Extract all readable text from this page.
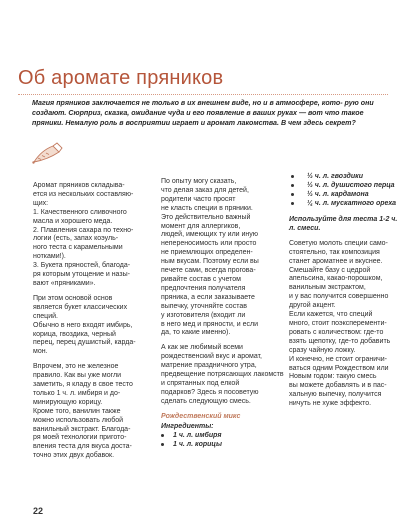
Об аромате пряников
Магия пряников заключается не только в их внешнем виде, но и в атмосфере, кото- рую они создают. Сюрприз, сказка, ожидание чуда и его появление в ваших руках — вот что такое пряники. Немалую роль в восприятии играет и аромат лакомства. В чем здесь секрет?

Аромат пряников складыва-
ется из нескольких составляю-
щих:
1. Качественного сливочного
масла и хорошего меда.
2. Плавления сахара по техно-
логии (есть, запах коэуль-
ного теста с карамельными
нотками!).
3. Букета пряностей, благода-
ря которым утощение и назы-
вают «пряниками».

При этом основой основ
является букет классических
специй.
Обычно в него входят имбирь,
корица, гвоздика, черный
перец, перец душистый, карда-
мон.

Впрочем, это не железное
правило. Как вы уже могли
заметить, я кладу в свое тесто
только 1 ч. л. имбиря и до-
минирующую корицу.
Кроме того, ванилин также
можно использовать любой
ванильный экстракт. Благода-
ря моей технологии пригото-
вления теста для вкуса доста-
точно этих двух добавок.

По опыту могу сказать,
что делая заказ для детей,
родители часто просят
не класть специи в пряники.
Это действительно важный
момент для аллергиков,
людей, имеющих ту или иную
непереносимость или просто
не приемлющих определен-
ным вкусам. Поэтому если вы
печете сами, всегда прогова-
ривайте состав с учетом
предпочтения получателя
пряника, а если заказываете
выпечку, уточняйте состав
у изготовителя (входит ли
в него мед и пряности, и если
да, то какие именно).

А как же любимый всеми
рождественский вкус и аромат,
матрение праздничного утра,
предвещение потрясающих лакомств
и спрятанных под елкой
подарков? Здесь я посоветую
сделать следующую смесь.

Рождественский микс
Ингредиенты:
1 ч. л. имбиря
1 ч. л. корицы
½ ч. л. гвоздики
½ ч. л. душистого перца
½ ч. л. кардамона
¼ ч. л. мускатного ореха

Используйте для теста 1-2 ч. л. смеси.

Советую молоть специи само-
стоятельно, так композиция
станет ароматнее и вкуснее.
Смешайте базу с цедрой
апельсина, какао-порошком,
ванильным экстрактом,
и у вас получится совершенно
другой акцент.
Если кажется, что специй
много, стоит поэксперементи-
ровать с количеством: где-то
взять щепотку, где-то добавить
сразу чайную ложку.
И конечно, не стоит ограничи-
ваться одним Рождеством или
Новым годом: такую смесь
вы можете добавлять и в пас-
хальную выпечку, получится
ничуть не хуже эффекто.

22
